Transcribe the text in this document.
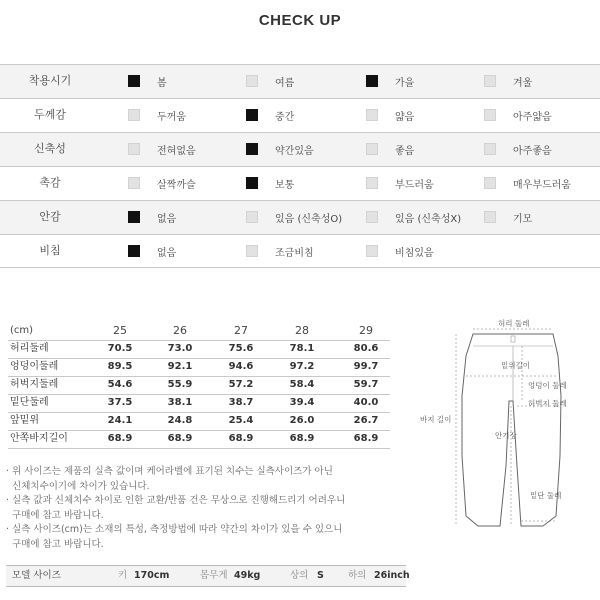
CHECK UP
착용시기	봄	여름	가을	겨울
두께감	두꺼움	중간	얇음	아주얇음
신축성	전혀없음	약간있음	좋음	아주좋음
촉감	살짝까슬	보통	부드러움	매우부드러움
안감	없음	있음 (신축성O)	있음 (신축성X)	기모
비침	없음	조금비침	비침있음
(cm)	25	26	27	28	29
허리둘레	70.5	73.0	75.6	78.1	80.6
엉덩이둘레	89.5	92.1	94.6	97.2	99.7
허벅지둘레	54.6	55.9	57.2	58.4	59.7
밑단둘레	37.5	38.1	38.7	39.4	40.0
앞밑위	24.1	24.8	25.4	26.0	26.7
안쪽바지길이	68.9	68.9	68.9	68.9	68.9

· 위 사이즈는 제품의 실측 값이며 케어라벨에 표기된 치수는 실측사이즈가 아닌

신체치수이기에 차이가 있습니다.

· 실측 값과 신체치수 차이로 인한 교환/반품 건은 무상으로 진행해드리기 어려우니

구매에 참고 바랍니다.

· 실측 사이즈(cm)는 소재의 특성, 측정방법에 따라 약간의 차이가 있을 수 있으니

구매에 참고 바랍니다.

모델 사이즈	키 170cm	몸무게 49kg	상의 S	하의 26inch
허리 둘레
밑위길이
엉덩이 둘레
허벅지 둘레
바지 길이
안기장
밑단 둘레
